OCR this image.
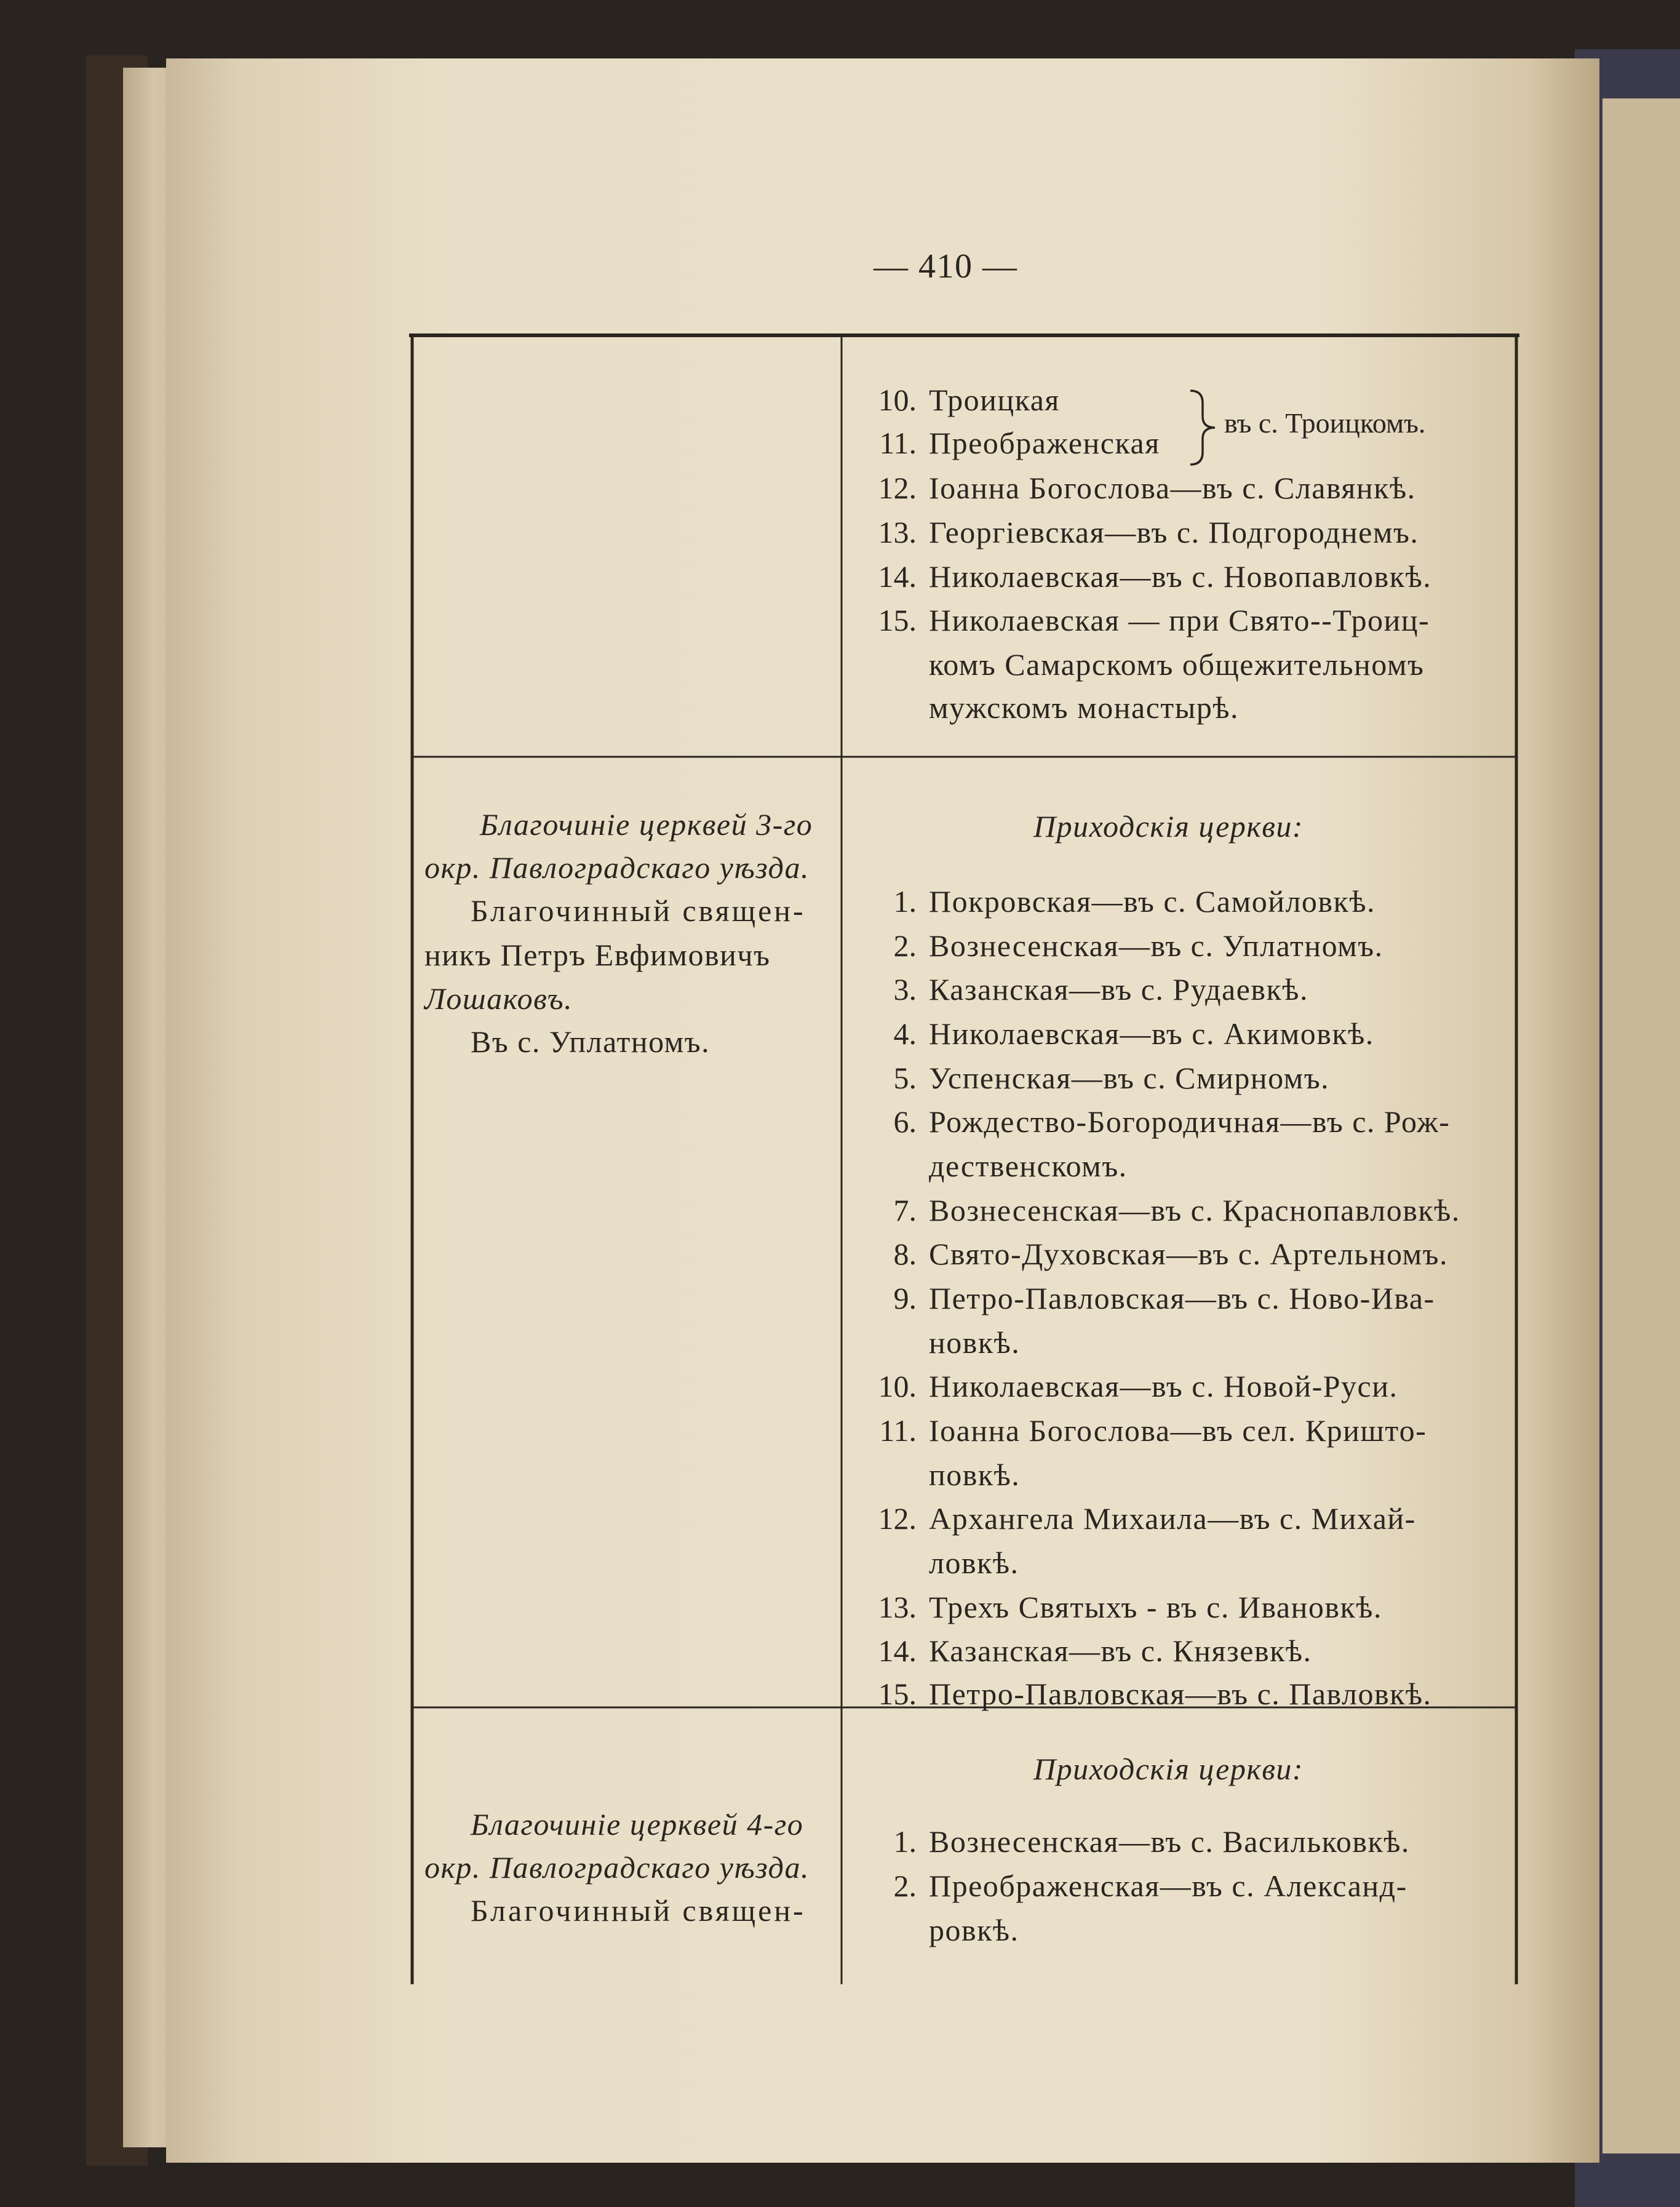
— 410 —
10. Троицкая
11. Преображенская
въ с. Троицкомъ.
12. Іоанна Богослова—въ с. Славянкѣ.
13. Георгіевская—въ с. Подгороднемъ.
14. Николаевская—въ с. Новопавловкѣ.
15. Николаевская — при Свято--Троиц-
комъ Самарскомъ общежительномъ
мужскомъ монастырѣ.
Благочиніе церквей 3-го
окр. Павлоградскаго уѣзда.
Благочинный священ-
никъ Петръ Евфимовичъ
Лошаковъ.
Въ с. Уплатномъ.
Приходскія церкви:
1. Покровская—въ с. Самойловкѣ.
2. Вознесенская—въ с. Уплатномъ.
3. Казанская—въ с. Рудаевкѣ.
4. Николаевская—въ с. Акимовкѣ.
5. Успенская—въ с. Смирномъ.
6. Рождество-Богородичная—въ с. Рож-
дественскомъ.
7. Вознесенская—въ с. Краснопавловкѣ.
8. Свято-Духовская—въ с. Артельномъ.
9. Петро-Павловская—въ с. Ново-Ива-
новкѣ.
10. Николаевская—въ с. Новой-Руси.
11. Іоанна Богослова—въ сел. Криштo-
повкѣ.
12. Архангела Михаила—въ с. Михай-
ловкѣ.
13. Трехъ Святыхъ - въ с. Ивановкѣ.
14. Казанская—въ с. Князевкѣ.
15. Петро-Павловская—въ с. Павловкѣ.
Благочиніе церквей 4-го
окр. Павлоградскаго уѣзда.
Благочинный священ-
Приходскія церкви:
1. Вознесенская—въ с. Васильковкѣ.
2. Преображенская—въ с. Александ-
ровкѣ.
